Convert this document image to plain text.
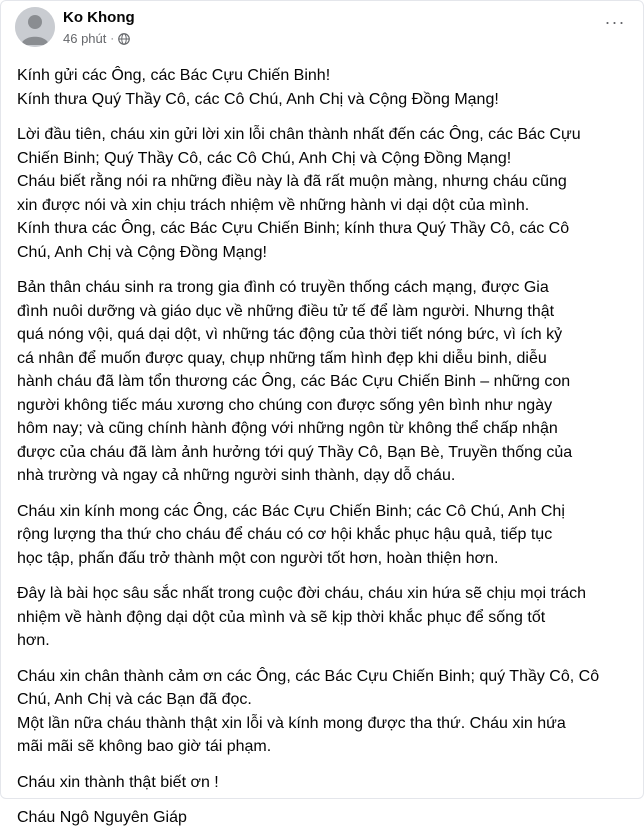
Ko Khong
46 phút ·
···

Kính gửi các Ông, các Bác Cựu Chiến Binh!
Kính thưa Quý Thầy Cô, các Cô Chú, Anh Chị và Cộng Đồng Mạng!

Lời đầu tiên, cháu xin gửi lời xin lỗi chân thành nhất đến các Ông, các Bác Cựu
Chiến Binh; Quý Thầy Cô, các Cô Chú, Anh Chị và Cộng Đồng Mạng!
Cháu biết rằng nói ra những điều này là đã rất muộn màng, nhưng cháu cũng
xin được nói và xin chịu trách nhiệm về những hành vi dại dột của mình.
Kính thưa các Ông, các Bác Cựu Chiến Binh; kính thưa Quý Thầy Cô, các Cô
Chú, Anh Chị và Cộng Đồng Mạng!

Bản thân cháu sinh ra trong gia đình có truyền thống cách mạng, được Gia
đình nuôi dưỡng và giáo dục về những điều tử tế để làm người. Nhưng thật
quá nóng vội, quá dại dột, vì những tác động của thời tiết nóng bức, vì ích kỷ
cá nhân để muốn được quay, chụp những tấm hình đẹp khi diễu binh, diễu
hành cháu đã làm tổn thương các Ông, các Bác Cựu Chiến Binh – những con
người không tiếc máu xương cho chúng con được sống yên bình như ngày
hôm nay; và cũng chính hành động với những ngôn từ không thể chấp nhận
được của cháu đã làm ảnh hưởng tới quý Thầy Cô, Bạn Bè, Truyền thống của
nhà trường và ngay cả những người sinh thành, dạy dỗ cháu.

Cháu xin kính mong các Ông, các Bác Cựu Chiến Binh; các Cô Chú, Anh Chị
rộng lượng tha thứ cho cháu để cháu có cơ hội khắc phục hậu quả, tiếp tục
học tập, phấn đấu trở thành một con người tốt hơn, hoàn thiện hơn.

Đây là bài học sâu sắc nhất trong cuộc đời cháu, cháu xin hứa sẽ chịu mọi trách
nhiệm về hành động dại dột của mình và sẽ kịp thời khắc phục để sống tốt
hơn.

Cháu xin chân thành cảm ơn các Ông, các Bác Cựu Chiến Binh; quý Thầy Cô, Cô
Chú, Anh Chị và các Bạn đã đọc.
Một lần nữa cháu thành thật xin lỗi và kính mong được tha thứ. Cháu xin hứa
mãi mãi sẽ không bao giờ tái phạm.

Cháu xin thành thật biết ơn !

Cháu Ngô Nguyên Giáp
